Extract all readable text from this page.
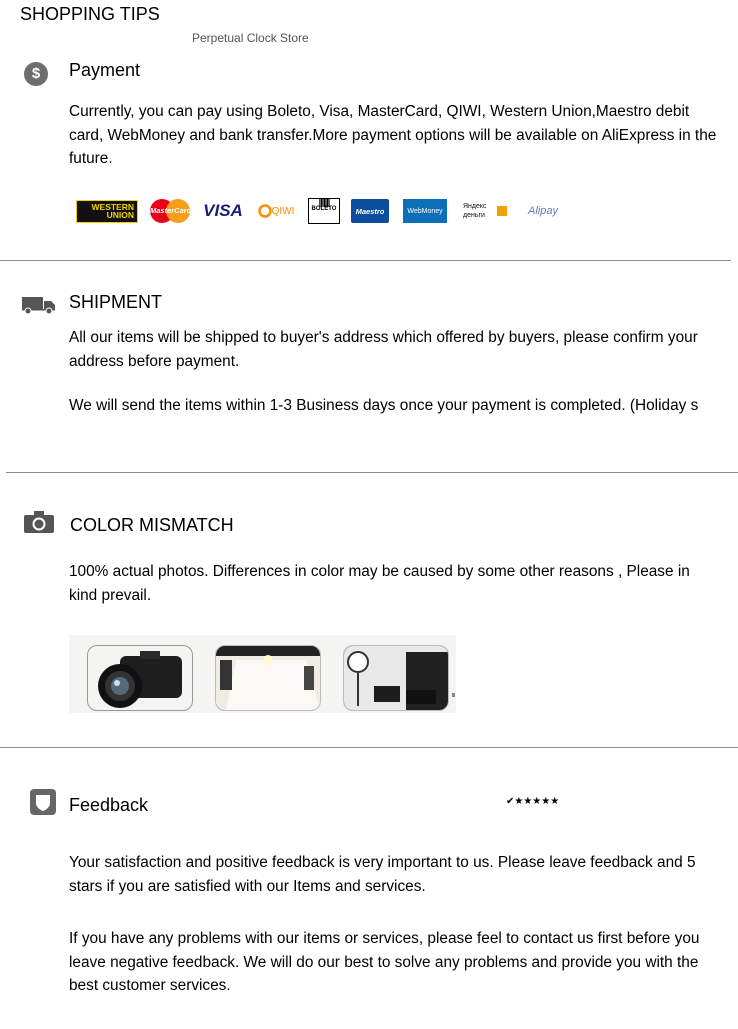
SHOPPING TIPS
Perpetual Clock Store
$	Payment
Currently, you can pay using Boleto, Visa, MasterCard, QIWI, Western Union,Maestro debit card, WebMoney and bank transfer.More payment options will be available on AliExpress in the future.
WESTERN UNION	MasterCard VISA	QIWI
|||||||
BOLETO	Maestro	WebMoney
Яндекс деньги	Alipay
SHIPMENT
All our items will be shipped to buyer's address which offered by buyers, please confirm your address before payment.
We will send the items within 1-3 Business days once your payment is completed. (Holiday s
COLOR MISMATCH
100% actual photos. Differences in color may be caused by some other reasons , Please in kind prevail.
Feedback	✔★★★★★
Your satisfaction and positive feedback is very important to us. Please leave feedback and 5 stars if you are satisfied with our Items and services.
If you have any problems with our items or services, please feel to contact us first before you leave negative feedback. We will do our best to solve any problems and provide you with the best customer services.
